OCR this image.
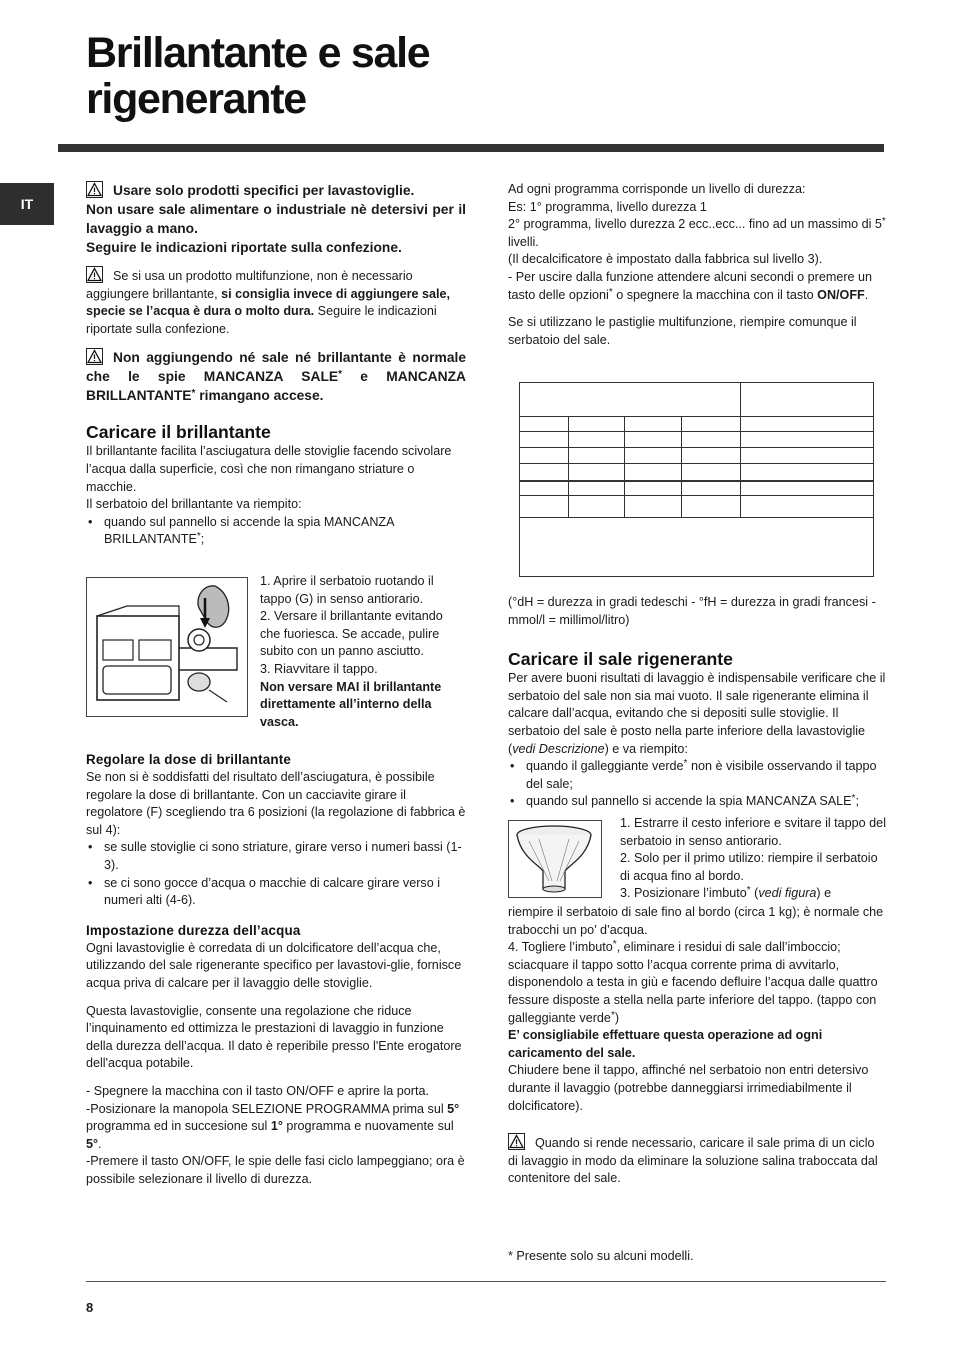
Brillantante e sale
rigenerante
IT

Usare solo prodotti specifici per lavastoviglie.
Non usare sale alimentare o industriale nè detersivi per il lavaggio a mano.
Seguire le indicazioni riportate sulla confezione.

Se si usa un prodotto multifunzione, non è necessario aggiungere brillantante, si consiglia invece di aggiungere sale, specie se l’acqua è dura o molto dura. Seguire le indicazioni riportate sulla confezione.

Non aggiungendo né sale né brillantante è normale che le spie MANCANZA SALE* e MANCANZA BRILLANTANTE* rimangano accese.

Caricare il brillantante

Il brillantante facilita l’asciugatura delle stoviglie facendo scivolare l’acqua dalla superficie, così che non rimangano striature o macchie.

Il serbatoio del brillantante va riempito:

• quando sul pannello si accende la spia MANCANZA BRILLANTANTE*;

1. Aprire il serbatoio ruotando il tappo (G) in senso antiorario.

2. Versare il brillantante evitando che fuoriesca. Se accade, pulire subito con un panno asciutto.

3. Riavvitare il tappo.

Non versare MAI il brillantante direttamente all’interno della vasca.

Regolare la dose di brillantante

Se non si è soddisfatti del risultato dell’asciugatura, è possibile regolare la dose di brillantante. Con un cacciavite girare il regolatore (F) scegliendo tra 6 posizioni (la regolazione di fabbrica è sul 4):

• se sulle stoviglie ci sono striature, girare verso i numeri bassi (1-3).
• se ci sono gocce d’acqua o macchie di calcare girare verso i numeri alti (4-6).
Impostazione durezza dell’acqua

Ogni lavastoviglie è corredata di un dolcificatore dell’acqua che, utilizzando del sale rigenerante specifico per lavastovi-glie, fornisce acqua priva di calcare per il lavaggio delle stoviglie.

Questa lavastoviglie, consente una regolazione che riduce l’inquinamento ed ottimizza le prestazioni di lavaggio in funzione della durezza dell’acqua. Il dato è reperibile presso l'Ente erogatore dell'acqua potabile.

- Spegnere la macchina con il tasto ON/OFF e aprire la porta.

-Posizionare la manopola SELEZIONE PROGRAMMA prima sul 5° programma ed in succesione sul 1° programma e nuovamente sul 5°.

-Premere il tasto ON/OFF, le spie delle fasi ciclo lampeggiano; ora è possibile selezionare il livello di durezza.

Ad ogni programma corrisponde un livello di durezza:
Es: 1° programma, livello durezza 1
2° programma, livello durezza 2 ecc..ecc... fino ad un massimo di 5* livelli.
(Il decalcificatore è impostato dalla fabbrica sul livello 3).
- Per uscire dalla funzione attendere alcuni secondi o premere un tasto delle opzioni* o spegnere la macchina con il tasto ON/OFF.

Se si utilizzano le pastiglie multifunzione, riempire comunque il serbatoio del sale.

(°dH = durezza in gradi tedeschi - °fH = durezza in gradi francesi - mmol/l = millimol/litro)

Caricare il sale rigenerante

Per avere buoni risultati di lavaggio è indispensabile verificare che il serbatoio del sale non sia mai vuoto. Il sale rigenerante elimina il calcare dall’acqua, evitando che si depositi sulle stoviglie. Il serbatoio del sale è posto nella parte inferiore della lavastoviglie (vedi Descrizione) e va riempito:

• quando il galleggiante verde* non è visibile osservando il tappo del sale;
• quando sul pannello si accende la spia MANCANZA SALE*;

1. Estrarre il cesto inferiore e svitare il tappo del serbatoio in senso antiorario.

2. Solo per il primo utilizo: riempire il serbatoio di acqua fino al bordo.

3. Posizionare l’imbuto* (vedi figura) e

riempire il serbatoio di sale fino al bordo (circa 1 kg); è normale che trabocchi un po’ d’acqua.

4. Togliere l’imbuto*, eliminare i residui di sale dall’imboccio; sciacquare il tappo sotto l’acqua corrente prima di avvitarlo, disponendolo a testa in giù e facendo defluire l’acqua dalle quattro fessure disposte a stella nella parte inferiore del tappo. (tappo con galleggiante verde*)

E’ consigliabile effettuare questa operazione ad ogni caricamento del sale.

Chiudere bene il tappo, affinché nel serbatoio non entri detersivo durante il lavaggio (potrebbe danneggiarsi irrimediabilmente il dolcificatore).

Quando si rende necessario, caricare il sale prima di un ciclo di lavaggio in modo da eliminare la soluzione salina traboccata dal contenitore del sale.

* Presente solo su alcuni modelli.
8
